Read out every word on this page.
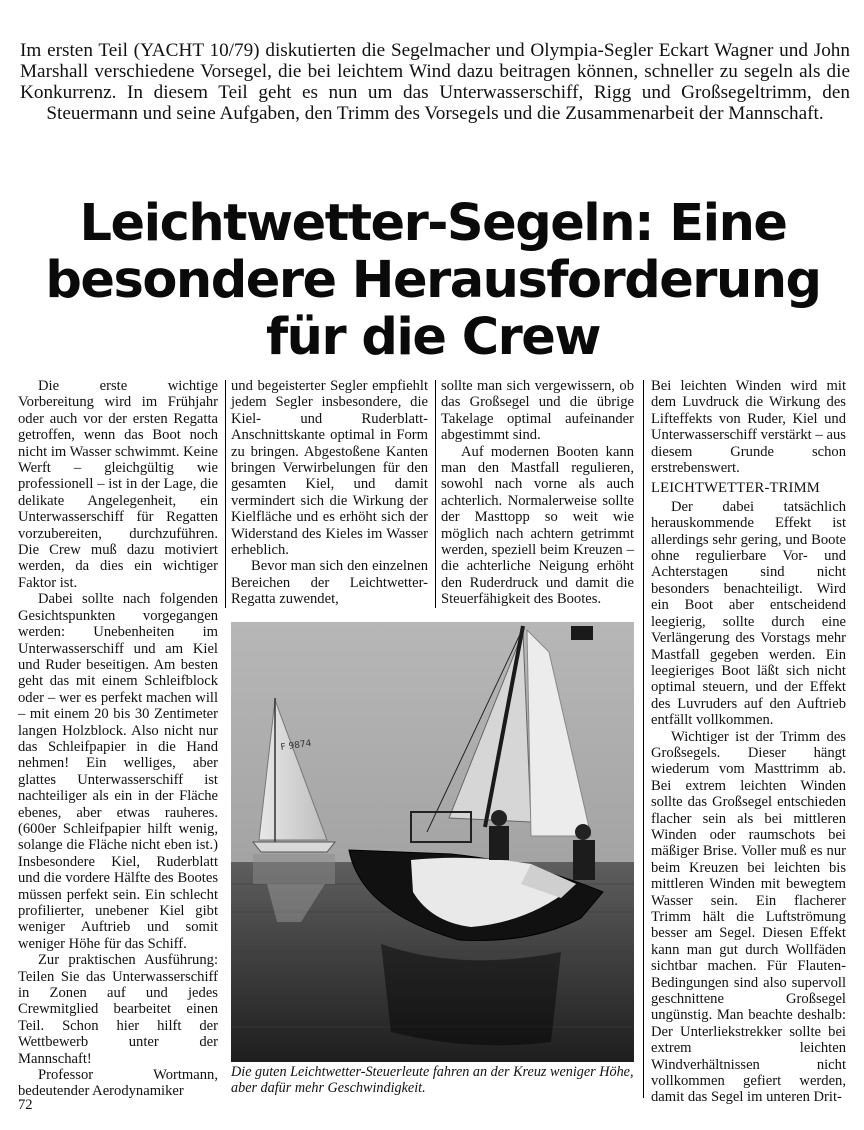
Im ersten Teil (YACHT 10/79) diskutierten die Segelmacher und Olympia-Segler Eckart Wagner und John Marshall verschiedene Vorsegel, die bei leichtem Wind dazu beitragen können, schneller zu segeln als die Konkurrenz. In diesem Teil geht es nun um das Unterwasserschiff, Rigg und Großsegeltrimm, den Steuermann und seine Aufgaben, den Trimm des Vorsegels und die Zusammenarbeit der Mannschaft.

Leichtwetter-Segeln: Eine
besondere Herausforderung
für die Crew

Die erste wichtige Vorbereitung wird im Frühjahr oder auch vor der ersten Regatta getroffen, wenn das Boot noch nicht im Wasser schwimmt. Keine Werft – gleichgültig wie professionell – ist in der Lage, die delikate Angelegenheit, ein Unterwasserschiff für Regatten vorzubereiten, durchzuführen. Die Crew muß dazu motiviert werden, da dies ein wichtiger Faktor ist.

Dabei sollte nach folgenden Gesichtspunkten vorgegangen werden: Unebenheiten im Unterwasserschiff und am Kiel und Ruder beseitigen. Am besten geht das mit einem Schleifblock oder – wer es perfekt machen will – mit einem 20 bis 30 Zentimeter langen Holzblock. Also nicht nur das Schleifpapier in die Hand nehmen! Ein welliges, aber glattes Unterwasserschiff ist nachteiliger als ein in der Fläche ebenes, aber etwas rauheres. (600er Schleifpapier hilft wenig, solange die Fläche nicht eben ist.) Insbesondere Kiel, Ruderblatt und die vordere Hälfte des Bootes müssen perfekt sein. Ein schlecht profilierter, unebener Kiel gibt weniger Auftrieb und somit weniger Höhe für das Schiff.

Zur praktischen Ausführung: Teilen Sie das Unterwasserschiff in Zonen auf und jedes Crewmitglied bearbeitet einen Teil. Schon hier hilft der Wettbewerb unter der Mannschaft!

Professor Wortmann, bedeutender Aerodynamiker

und begeisterter Segler empfiehlt jedem Segler insbesondere, die Kiel- und Ruderblatt-Anschnittskante optimal in Form zu bringen. Abgestoßene Kanten bringen Verwirbelungen für den gesamten Kiel, und damit vermindert sich die Wirkung der Kielfläche und es erhöht sich der Widerstand des Kieles im Wasser erheblich.

Bevor man sich den einzelnen Bereichen der Leichtwetter-Regatta zuwendet,

sollte man sich vergewissern, ob das Großsegel und die übrige Takelage optimal aufeinander abgestimmt sind.

Auf modernen Booten kann man den Mastfall regulieren, sowohl nach vorne als auch achterlich. Normalerweise sollte der Masttopp so weit wie möglich nach achtern getrimmt werden, speziell beim Kreuzen – die achterliche Neigung erhöht den Ruderdruck und damit die Steuerfähigkeit des Bootes.

Bei leichten Winden wird mit dem Luvdruck die Wirkung des Lifteffekts von Ruder, Kiel und Unterwasserschiff verstärkt – aus diesem Grunde schon erstrebenswert.

LEICHTWETTER-TRIMM

Der dabei tatsächlich herauskommende Effekt ist allerdings sehr gering, und Boote ohne regulierbare Vor- und Achterstagen sind nicht besonders benachteiligt. Wird ein Boot aber entscheidend leegierig, sollte durch eine Verlängerung des Vorstags mehr Mastfall gegeben werden. Ein leegieriges Boot läßt sich nicht optimal steuern, und der Effekt des Luvruders auf den Auftrieb entfällt vollkommen.

Wichtiger ist der Trimm des Großsegels. Dieser hängt wiederum vom Masttrimm ab. Bei extrem leichten Winden sollte das Großsegel entschieden flacher sein als bei mittleren Winden oder raumschots bei mäßiger Brise. Voller muß es nur beim Kreuzen bei leichten bis mittleren Winden mit bewegtem Wasser sein. Ein flacherer Trimm hält die Luftströmung besser am Segel. Diesen Effekt kann man gut durch Wollfäden sichtbar machen. Für Flauten-Bedingungen sind also supervoll geschnittene Großsegel ungünstig. Man beachte deshalb: Der Unterliekstrekker sollte bei extrem leichten Windverhältnissen nicht vollkommen gefiert werden, damit das Segel im unteren Drit-

F 9874

Die guten Leichtwetter-Steuerleute fahren an der Kreuz weniger Höhe, aber dafür mehr Geschwindigkeit.

72
